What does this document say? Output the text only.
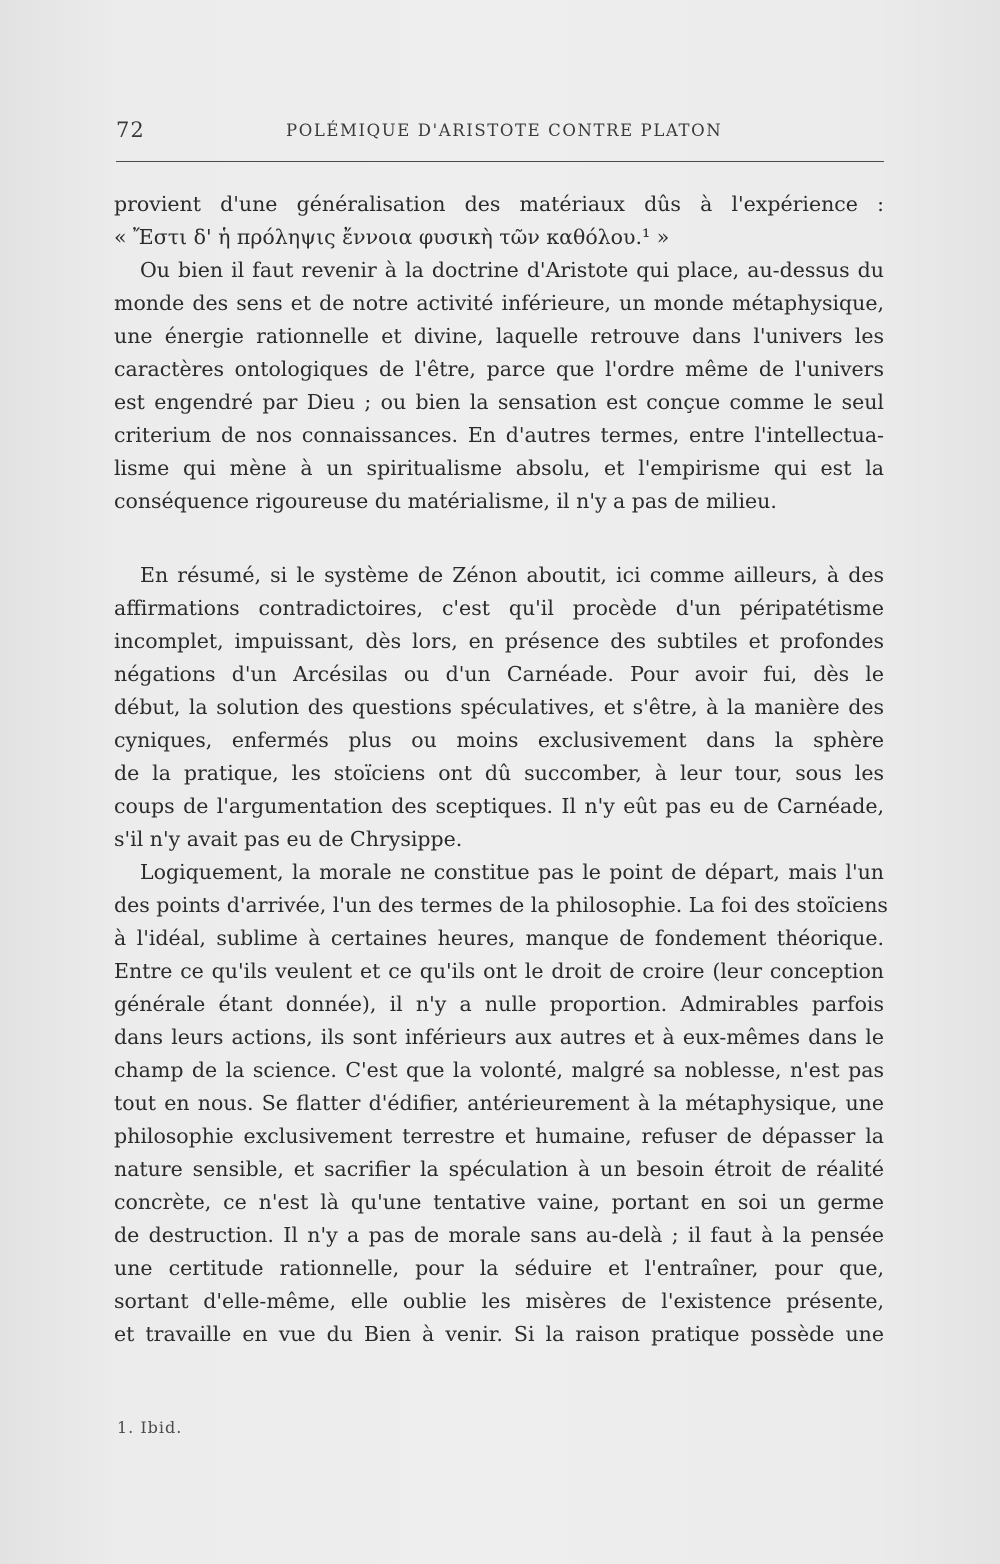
72	POLÉMIQUE D'ARISTOTE CONTRE PLATON
provient d'une généralisation des matériaux dûs à l'expérience :
« Ἔστι δ' ἡ πρόληψις ἔννοια φυσικὴ τῶν καθόλου.¹ »
Ou bien il faut revenir à la doctrine d'Aristote qui place, au-dessus du
monde des sens et de notre activité inférieure, un monde métaphysique,
une énergie rationnelle et divine, laquelle retrouve dans l'univers les
caractères ontologiques de l'être, parce que l'ordre même de l'univers
est engendré par Dieu ; ou bien la sensation est conçue comme le seul
criterium de nos connaissances. En d'autres termes, entre l'intellectua-
lisme qui mène à un spiritualisme absolu, et l'empirisme qui est la
conséquence rigoureuse du matérialisme, il n'y a pas de milieu.
En résumé, si le système de Zénon aboutit, ici comme ailleurs, à des
affirmations contradictoires, c'est qu'il procède d'un péripatétisme
incomplet, impuissant, dès lors, en présence des subtiles et profondes
négations d'un Arcésilas ou d'un Carnéade. Pour avoir fui, dès le
début, la solution des questions spéculatives, et s'être, à la manière des
cyniques, enfermés plus ou moins exclusivement dans la sphère
de la pratique, les stoïciens ont dû succomber, à leur tour, sous les
coups de l'argumentation des sceptiques. Il n'y eût pas eu de Carnéade,
s'il n'y avait pas eu de Chrysippe.
Logiquement, la morale ne constitue pas le point de départ, mais l'un
des points d'arrivée, l'un des termes de la philosophie. La foi des stoïciens
à l'idéal, sublime à certaines heures, manque de fondement théorique.
Entre ce qu'ils veulent et ce qu'ils ont le droit de croire (leur conception
générale étant donnée), il n'y a nulle proportion. Admirables parfois
dans leurs actions, ils sont inférieurs aux autres et à eux-mêmes dans le
champ de la science. C'est que la volonté, malgré sa noblesse, n'est pas
tout en nous. Se flatter d'édifier, antérieurement à la métaphysique, une
philosophie exclusivement terrestre et humaine, refuser de dépasser la
nature sensible, et sacrifier la spéculation à un besoin étroit de réalité
concrète, ce n'est là qu'une tentative vaine, portant en soi un germe
de destruction. Il n'y a pas de morale sans au-delà ; il faut à la pensée
une certitude rationnelle, pour la séduire et l'entraîner, pour que,
sortant d'elle-même, elle oublie les misères de l'existence présente,
et travaille en vue du Bien à venir. Si la raison pratique possède une
1. Ibid.
